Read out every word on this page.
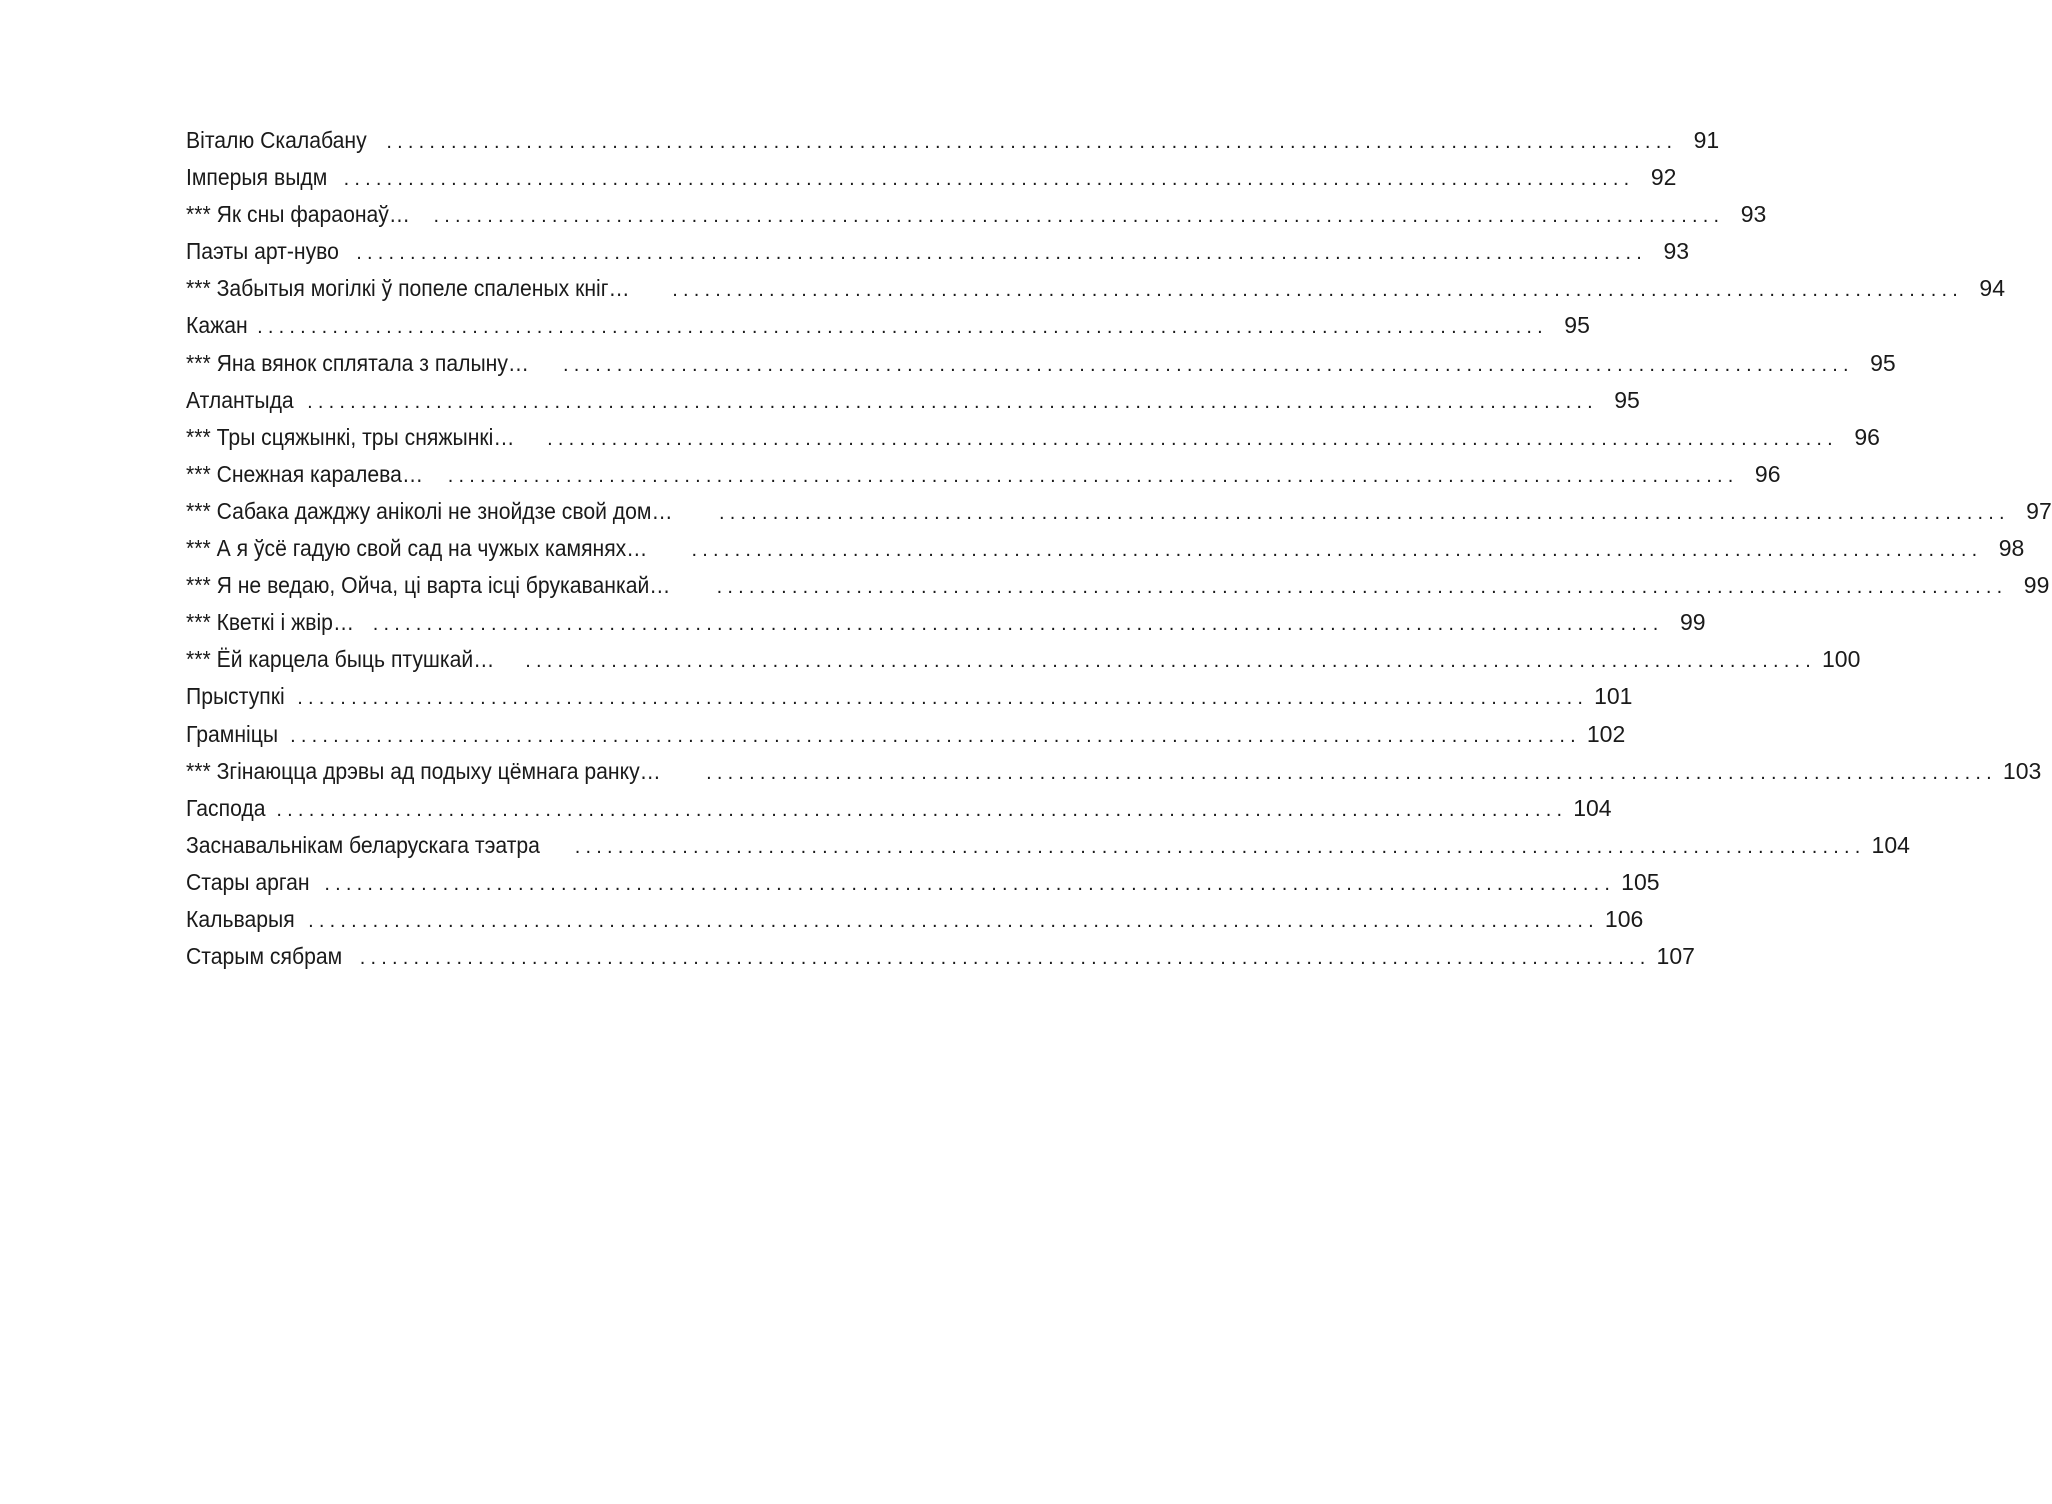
Віталю Скалабану ........................................................................................................................ 91
Імперыя выдм ........................................................................................................................ 92
*** Як сны фараонаў… ........................................................................................................................ 93
Паэты арт-нуво ........................................................................................................................ 93
*** Забытыя могілкі ў попеле спаленых кніг… ........................................................................................................................ 94
Кажан ........................................................................................................................ 95
*** Яна вянок сплятала з палыну… ........................................................................................................................ 95
Атлантыда ........................................................................................................................ 95
*** Тры сцяжынкі, тры сняжынкі… ........................................................................................................................ 96
*** Снежная каралева… ........................................................................................................................ 96
*** Сабака дажджу аніколі не знойдзе свой дом… ........................................................................................................................ 97
*** А я ўсё гадую свой сад на чужых камянях… ........................................................................................................................ 98
*** Я не ведаю, Ойча, ці варта ісці брукаванкай… ........................................................................................................................ 99
*** Кветкі і жвір… ........................................................................................................................ 99
*** Ёй карцела быць птушкай… ........................................................................................................................ 100
Прыступкі ........................................................................................................................ 101
Грамніцы ........................................................................................................................ 102
*** Згінаюцца дрэвы ад подыху цёмнага ранку… ........................................................................................................................ 103
Гаспода ........................................................................................................................ 104
Заснавальнікам беларускага тэатра ........................................................................................................................ 104
Стары арган ........................................................................................................................ 105
Кальварыя ........................................................................................................................ 106
Старым сябрам ........................................................................................................................ 107
